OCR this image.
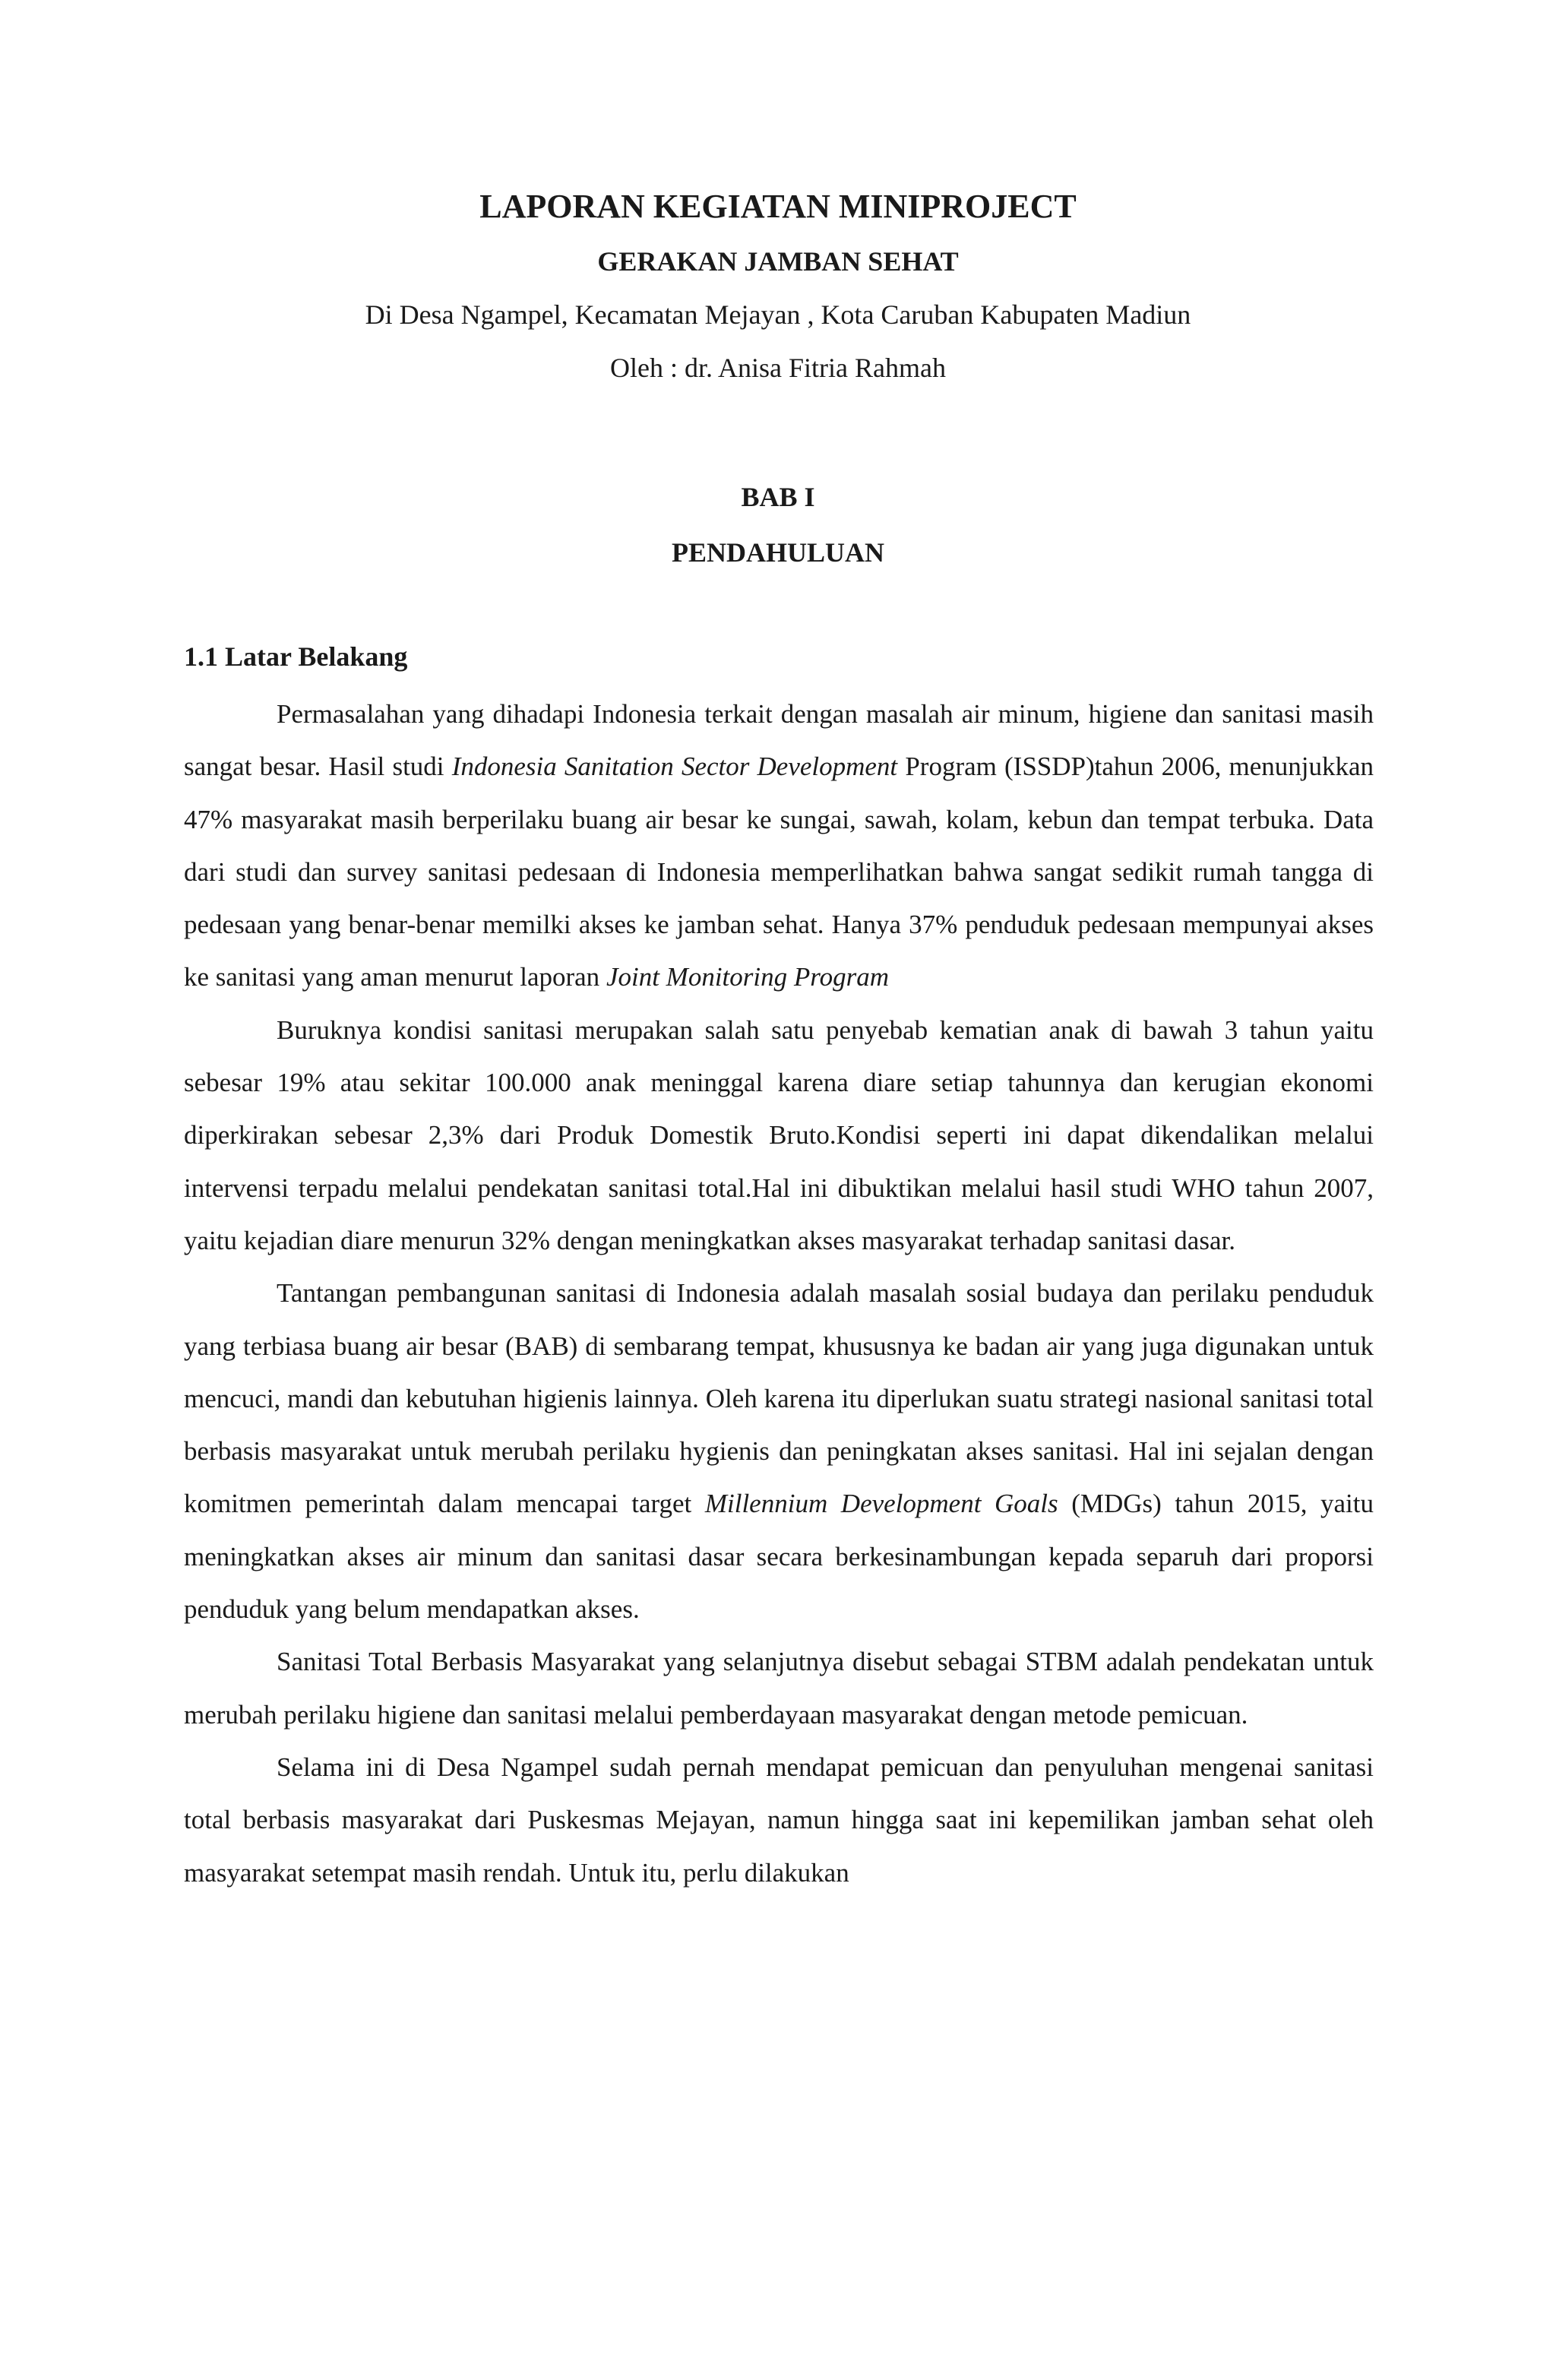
LAPORAN KEGIATAN MINIPROJECT
GERAKAN JAMBAN SEHAT
Di Desa Ngampel, Kecamatan Mejayan , Kota Caruban Kabupaten Madiun
Oleh : dr. Anisa Fitria Rahmah
BAB I
PENDAHULUAN
1.1 Latar Belakang

Permasalahan yang dihadapi Indonesia terkait dengan masalah air minum, higiene dan sanitasi masih sangat besar. Hasil studi Indonesia Sanitation Sector Development Program (ISSDP)tahun 2006, menunjukkan 47% masyarakat masih berperilaku buang air besar ke sungai, sawah, kolam, kebun dan tempat terbuka. Data dari studi dan survey sanitasi pedesaan di Indonesia memperlihatkan bahwa sangat sedikit rumah tangga di pedesaan yang benar-benar memilki akses ke jamban sehat. Hanya 37% penduduk pedesaan mempunyai akses ke sanitasi yang aman menurut laporan Joint Monitoring Program

Buruknya kondisi sanitasi merupakan salah satu penyebab kematian anak di bawah 3 tahun yaitu sebesar 19% atau sekitar 100.000 anak meninggal karena diare setiap tahunnya dan kerugian ekonomi diperkirakan sebesar 2,3% dari Produk Domestik Bruto.Kondisi seperti ini dapat dikendalikan melalui intervensi terpadu melalui pendekatan sanitasi total.Hal ini dibuktikan melalui hasil studi WHO tahun 2007, yaitu kejadian diare menurun 32% dengan meningkatkan akses masyarakat terhadap sanitasi dasar.

Tantangan pembangunan sanitasi di Indonesia adalah masalah sosial budaya dan perilaku penduduk yang terbiasa buang air besar (BAB) di sembarang tempat, khususnya ke badan air yang juga digunakan untuk mencuci, mandi dan kebutuhan higienis lainnya. Oleh karena itu diperlukan suatu strategi nasional sanitasi total berbasis masyarakat untuk merubah perilaku hygienis dan peningkatan akses sanitasi. Hal ini sejalan dengan komitmen pemerintah dalam mencapai target Millennium Development Goals (MDGs) tahun 2015, yaitu meningkatkan akses air minum dan sanitasi dasar secara berkesinambungan kepada separuh dari proporsi penduduk yang belum mendapatkan akses.

Sanitasi Total Berbasis Masyarakat yang selanjutnya disebut sebagai STBM adalah pendekatan untuk merubah perilaku higiene dan sanitasi melalui pemberdayaan masyarakat dengan metode pemicuan.

Selama ini di Desa Ngampel sudah pernah mendapat pemicuan dan penyuluhan mengenai sanitasi total berbasis masyarakat dari Puskesmas Mejayan, namun hingga saat ini kepemilikan jamban sehat oleh masyarakat setempat masih rendah. Untuk itu, perlu dilakukan
